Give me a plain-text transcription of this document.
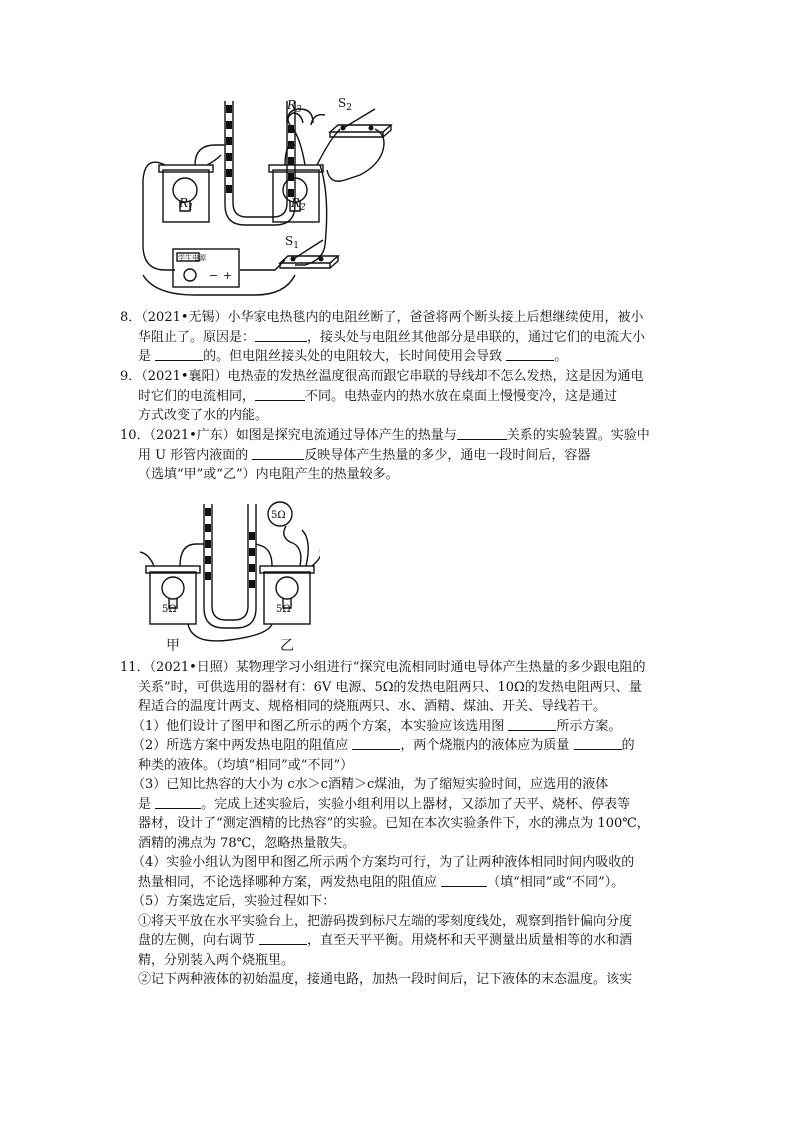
$R_3$	$S_2$
$R_1$	$R_2$
$S_1$
学生电源
− +
8．（2021•无锡）小华家电热毯内的电阻丝断了，爸爸将两个断头接上后想继续使用，被小
华阻止了。原因是：	，接头处与电阻丝其他部分是串联的，通过它们的电流大小
是	的。但电阻丝接头处的电阻较大，长时间使用会导致	。
9．（2021•襄阳）电热壶的发热丝温度很高而跟它串联的导线却不怎么发热，这是因为通电
时它们的电流相同，	不同。电热壶内的热水放在桌面上慢慢变冷，这是通过
方式改变了水的内能。
10．（2021•广东）如图是探究电流通过导体产生的热量与	关系的实验装置。实验中
用 U 形管内液面的	反映导体产生热量的多少，通电一段时间后，容器
（选填“甲”或“乙”）内电阻产生的热量较多。
5Ω
5Ω	5Ω
甲	乙
11．（2021•日照）某物理学习小组进行“探究电流相同时通电导体产生热量的多少跟电阻的
关系”时，可供选用的器材有：6V 电源、5Ω的发热电阻两只、10Ω的发热电阻两只、量
程适合的温度计两支、规格相同的烧瓶两只、水、酒精、煤油、开关、导线若干。
（1）他们设计了图甲和图乙所示的两个方案，本实验应该选用图	所示方案。
（2）所选方案中两发热电阻的阻值应	，两个烧瓶内的液体应为质量	的
种类的液体。（均填“相同”或“不同”）
（3）已知比热容的大小为 c水＞c酒精＞c煤油，为了缩短实验时间，应选用的液体
是	。完成上述实验后，实验小组利用以上器材，又添加了天平、烧杯、停表等
器材，设计了“测定酒精的比热容”的实验。已知在本次实验条件下，水的沸点为 100℃，
酒精的沸点为 78℃，忽略热量散失。
（4）实验小组认为图甲和图乙所示两个方案均可行，为了让两种液体相同时间内吸收的
热量相同，不论选择哪种方案，两发热电阻的阻值应	（填“相同”或“不同”）。
（5）方案选定后，实验过程如下：
①将天平放在水平实验台上，把游码拨到标尺左端的零刻度线处，观察到指针偏向分度
盘的左侧，向右调节	，直至天平平衡。用烧杯和天平测量出质量相等的水和酒
精，分别装入两个烧瓶里。
②记下两种液体的初始温度，接通电路，加热一段时间后，记下液体的末态温度。该实
